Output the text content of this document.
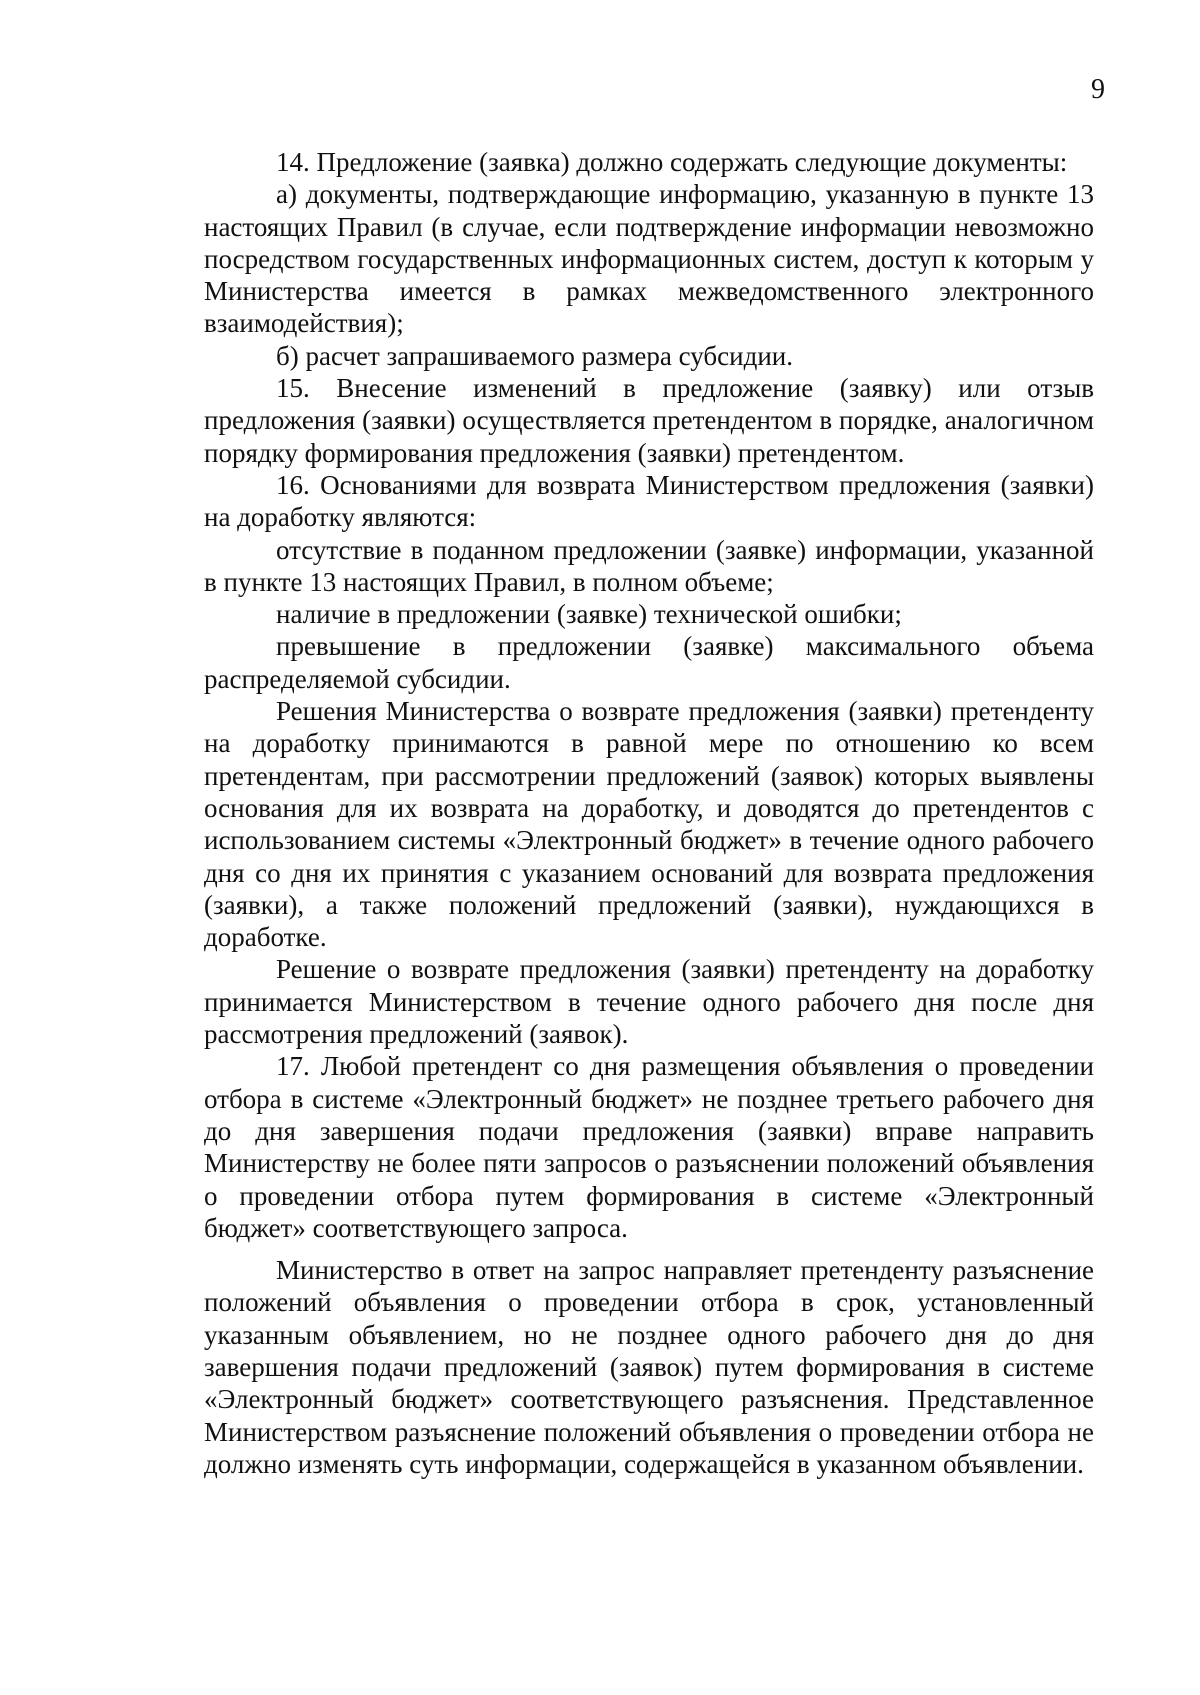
9

14. Предложение (заявка) должно содержать следующие документы:

а) документы, подтверждающие информацию, указанную в пункте 13 настоящих Правил (в случае, если подтверждение информации невозможно посредством государственных информационных систем, доступ к которым у Министерства имеется в рамках межведомственного электронного взаимодействия);

б) расчет запрашиваемого размера субсидии.

15. Внесение изменений в предложение (заявку) или отзыв предложения (заявки) осуществляется претендентом в порядке, аналогичном порядку формирования предложения (заявки) претендентом.

16. Основаниями для возврата Министерством предложения (заявки) на доработку являются:

отсутствие в поданном предложении (заявке) информации, указанной в пункте 13 настоящих Правил, в полном объеме;

наличие в предложении (заявке) технической ошибки;

превышение в предложении (заявке) максимального объема распределяемой субсидии.

Решения Министерства о возврате предложения (заявки) претенденту на доработку принимаются в равной мере по отношению ко всем претендентам, при рассмотрении предложений (заявок) которых выявлены основания для их возврата на доработку, и доводятся до претендентов с использованием системы «Электронный бюджет» в течение одного рабочего дня со дня их принятия с указанием оснований для возврата предложения (заявки), а также положений предложений (заявки), нуждающихся в доработке.

Решение о возврате предложения (заявки) претенденту на доработку принимается Министерством в течение одного рабочего дня после дня рассмотрения предложений (заявок).

17. Любой претендент со дня размещения объявления о проведении отбора в системе «Электронный бюджет» не позднее третьего рабочего дня до дня завершения подачи предложения (заявки) вправе направить Министерству не более пяти запросов о разъяснении положений объявления о проведении отбора путем формирования в системе «Электронный бюджет» соответствующего запроса.

Министерство в ответ на запрос направляет претенденту разъяснение положений объявления о проведении отбора в срок, установленный указанным объявлением, но не позднее одного рабочего дня до дня завершения подачи предложений (заявок) путем формирования в системе «Электронный бюджет» соответствующего разъяснения. Представленное Министерством разъяснение положений объявления о проведении отбора не должно изменять суть информации, содержащейся в указанном объявлении.
